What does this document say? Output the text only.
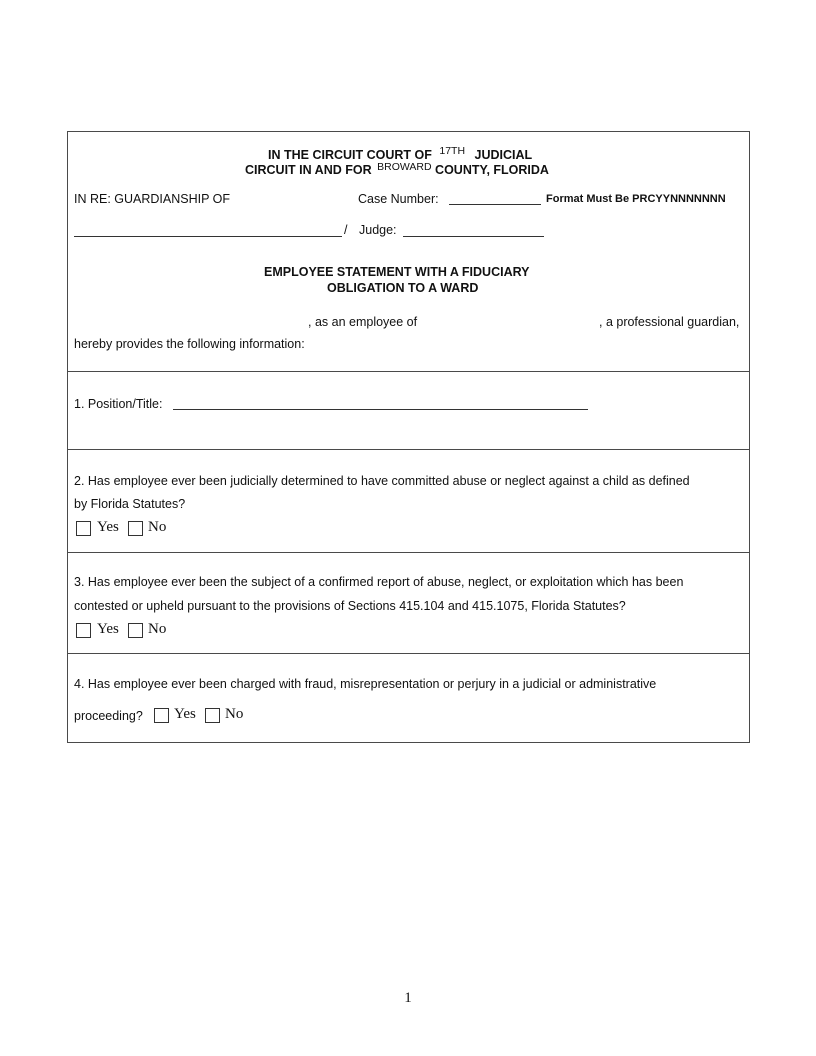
IN THE CIRCUIT COURT OF $^{17TH}$ JUDICIAL
CIRCUIT IN AND FOR $^{BROWARD}$ COUNTY, FLORIDA
IN RE: GUARDIANSHIP OF	Case Number:	Format Must Be PRCYYNNNNNNN
/ Judge:
EMPLOYEE STATEMENT WITH A FIDUCIARY
OBLIGATION TO A WARD
, as an employee of	, a professional guardian,
hereby provides the following information:
1. Position/Title:
2. Has employee ever been judicially determined to have committed abuse or neglect against a child as defined
by Florida Statutes?
Yes No
3. Has employee ever been the subject of a confirmed report of abuse, neglect, or exploitation which has been
contested or upheld pursuant to the provisions of Sections 415.104 and 415.1075, Florida Statutes?
Yes No
4. Has employee ever been charged with fraud, misrepresentation or perjury in a judicial or administrative
proceeding? Yes No
1
